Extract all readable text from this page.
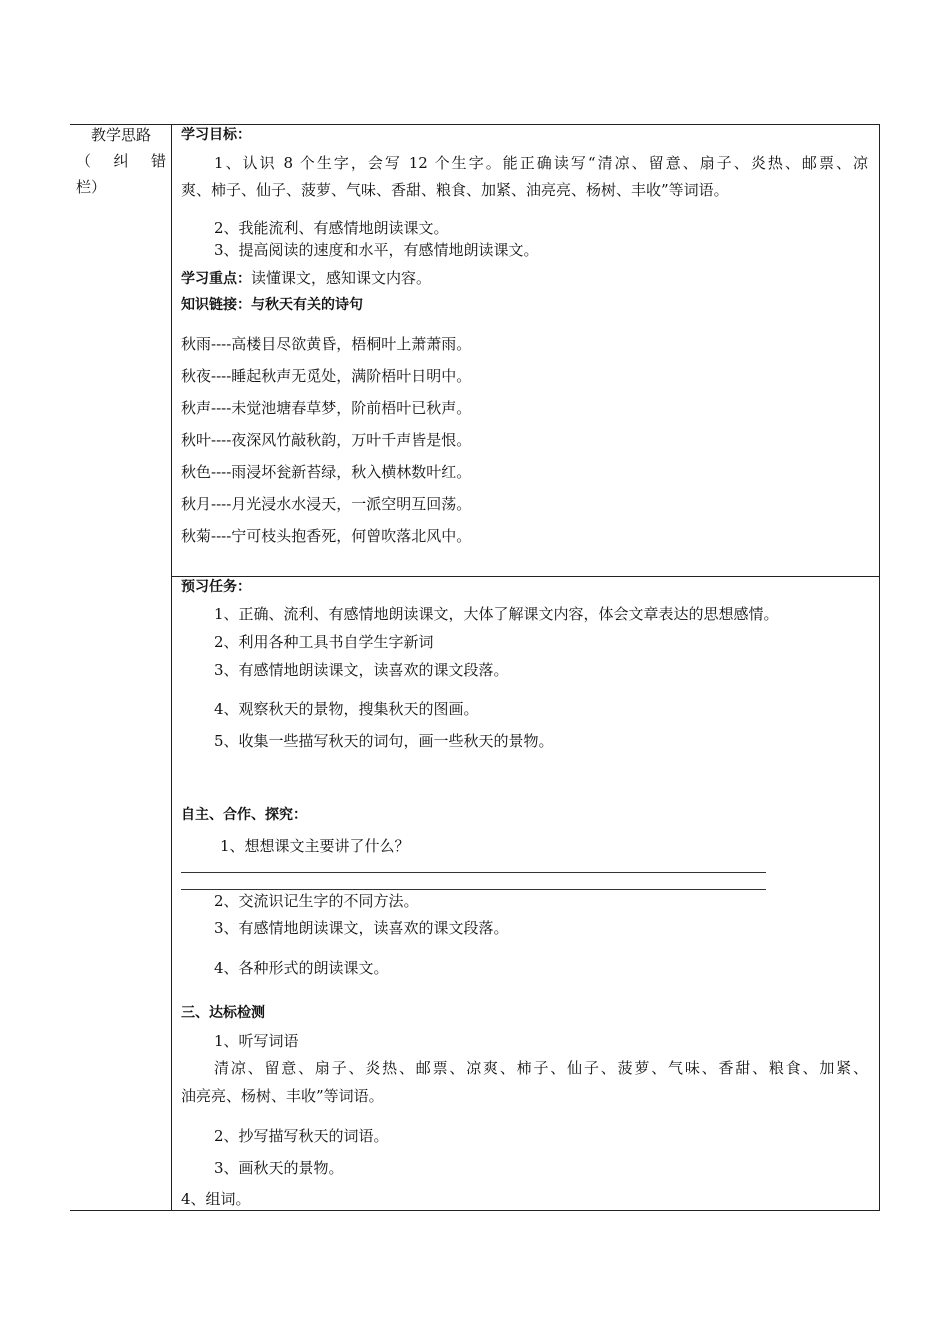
教学思路
（ 纠 错
栏）
学习目标：
1、认识 8 个生字，会写 12 个生字。能正确读写“清凉、留意、扇子、炎热、邮票、凉
爽、柿子、仙子、菠萝、气味、香甜、粮食、加紧、油亮亮、杨树、丰收”等词语。
2、我能流利、有感情地朗读课文。
3、提高阅读的速度和水平，有感情地朗读课文。
学习重点：读懂课文，感知课文内容。
知识链接：与秋天有关的诗句
秋雨----高楼目尽欲黄昏，梧桐叶上萧萧雨。
秋夜----睡起秋声无觅处，满阶梧叶日明中。
秋声----未觉池塘春草梦，阶前梧叶已秋声。
秋叶----夜深风竹敲秋韵，万叶千声皆是恨。
秋色----雨浸坏瓮新苔绿，秋入横林数叶红。
秋月----月光浸水水浸天，一派空明互回荡。
秋菊----宁可枝头抱香死，何曾吹落北风中。
预习任务：
1、正确、流利、有感情地朗读课文，大体了解课文内容，体会文章表达的思想感情。
2、利用各种工具书自学生字新词
3、有感情地朗读课文，读喜欢的课文段落。
4、观察秋天的景物，搜集秋天的图画。
5、收集一些描写秋天的词句，画一些秋天的景物。
自主、合作、探究：
1、想想课文主要讲了什么？
2、交流识记生字的不同方法。
3、有感情地朗读课文，读喜欢的课文段落。
4、各种形式的朗读课文。
三、达标检测
1、听写词语
清凉、留意、扇子、炎热、邮票、凉爽、柿子、仙子、菠萝、气味、香甜、粮食、加紧、
油亮亮、杨树、丰收”等词语。
2、抄写描写秋天的词语。
3、画秋天的景物。
4、组词。
